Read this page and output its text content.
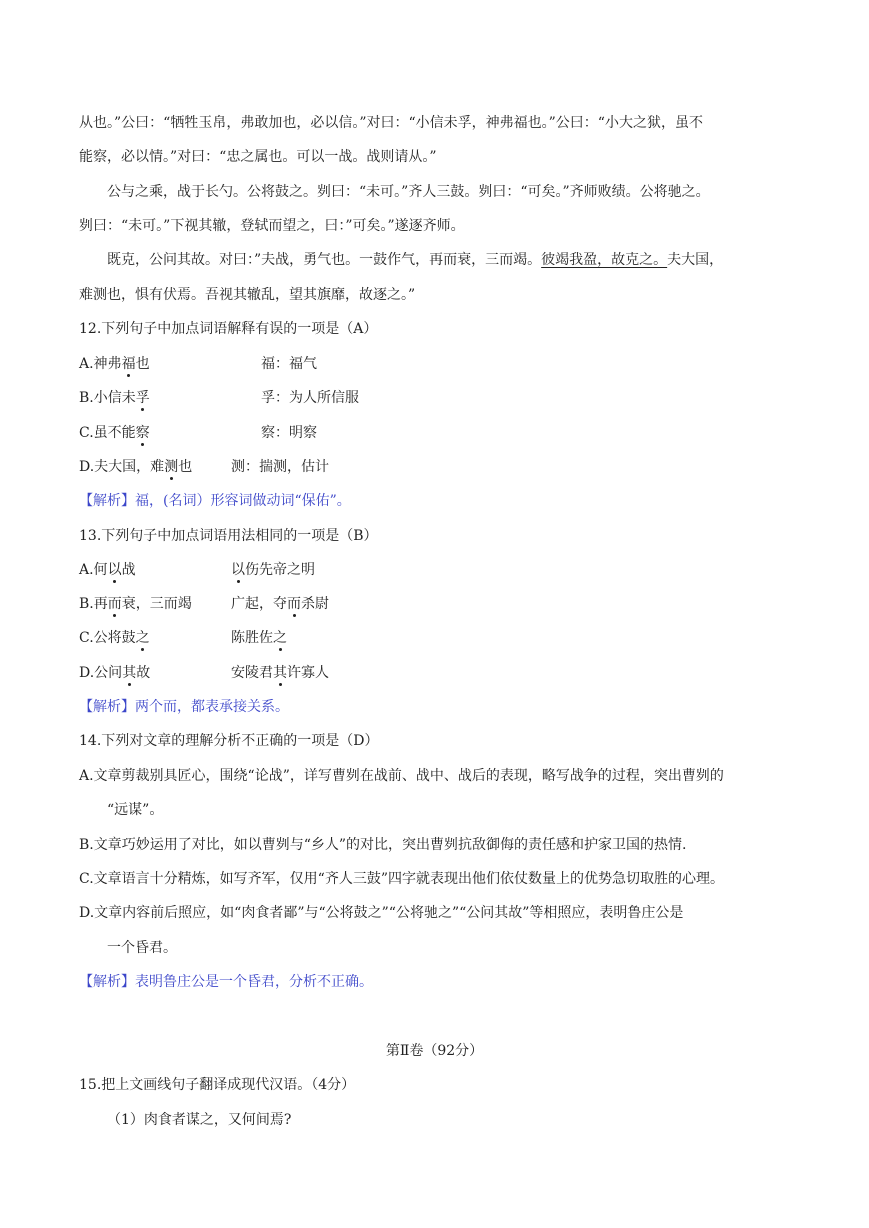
从也。”公曰：“牺牲玉帛，弗敢加也，必以信。”对曰：“小信未孚，神弗福也。”公曰：“小大之狱，虽不
能察，必以情。”对曰：“忠之属也。可以一战。战则请从。”
公与之乘，战于长勺。公将鼓之。刿曰：“未可。”齐人三鼓。刿曰：“可矣。”齐师败绩。公将驰之。
刿曰：“未可。”下视其辙，登轼而望之，曰：”可矣。”遂逐齐师。
既克，公问其故。对曰：”夫战，勇气也。一鼓作气，再而衰，三而竭。彼竭我盈，故克之。夫大国，
难测也，惧有伏焉。吾视其辙乱，望其旗靡，故逐之。”
12.下列句子中加点词语解释有误的一项是（A）
A.神弗福也	福：福气
B.小信未孚	孚：为人所信服
C.虽不能察	察：明察
D.夫大国，难测也	测：揣测，估计
【解析】福，(名词）形容词做动词“保佑”。
13.下列句子中加点词语用法相同的一项是（B）
A.何以战	以伤先帝之明
B.再而衰，三而竭	广起，夺而杀尉
C.公将鼓之	陈胜佐之
D.公问其故	安陵君其许寡人
【解析】两个而，都表承接关系。
14.下列对文章的理解分析不正确的一项是（D）
A.文章剪裁别具匠心，围绕“论战”，详写曹刿在战前、战中、战后的表现，略写战争的过程，突出曹刿的
“远谋”。
B.文章巧妙运用了对比，如以曹刿与“乡人”的对比，突出曹刿抗敌御侮的责任感和护家卫国的热情.
C.文章语言十分精炼，如写齐军，仅用“齐人三鼓”四字就表现出他们依仗数量上的优势急切取胜的心理。
D.文章内容前后照应，如“肉食者鄙”与“公将鼓之”“公将驰之”“公问其故”等相照应，表明鲁庄公是
一个昏君。
【解析】表明鲁庄公是一个昏君，分析不正确。
第Ⅱ卷（92分）
15.把上文画线句子翻译成现代汉语。（4分）
（1）肉食者谋之，又何间焉?
